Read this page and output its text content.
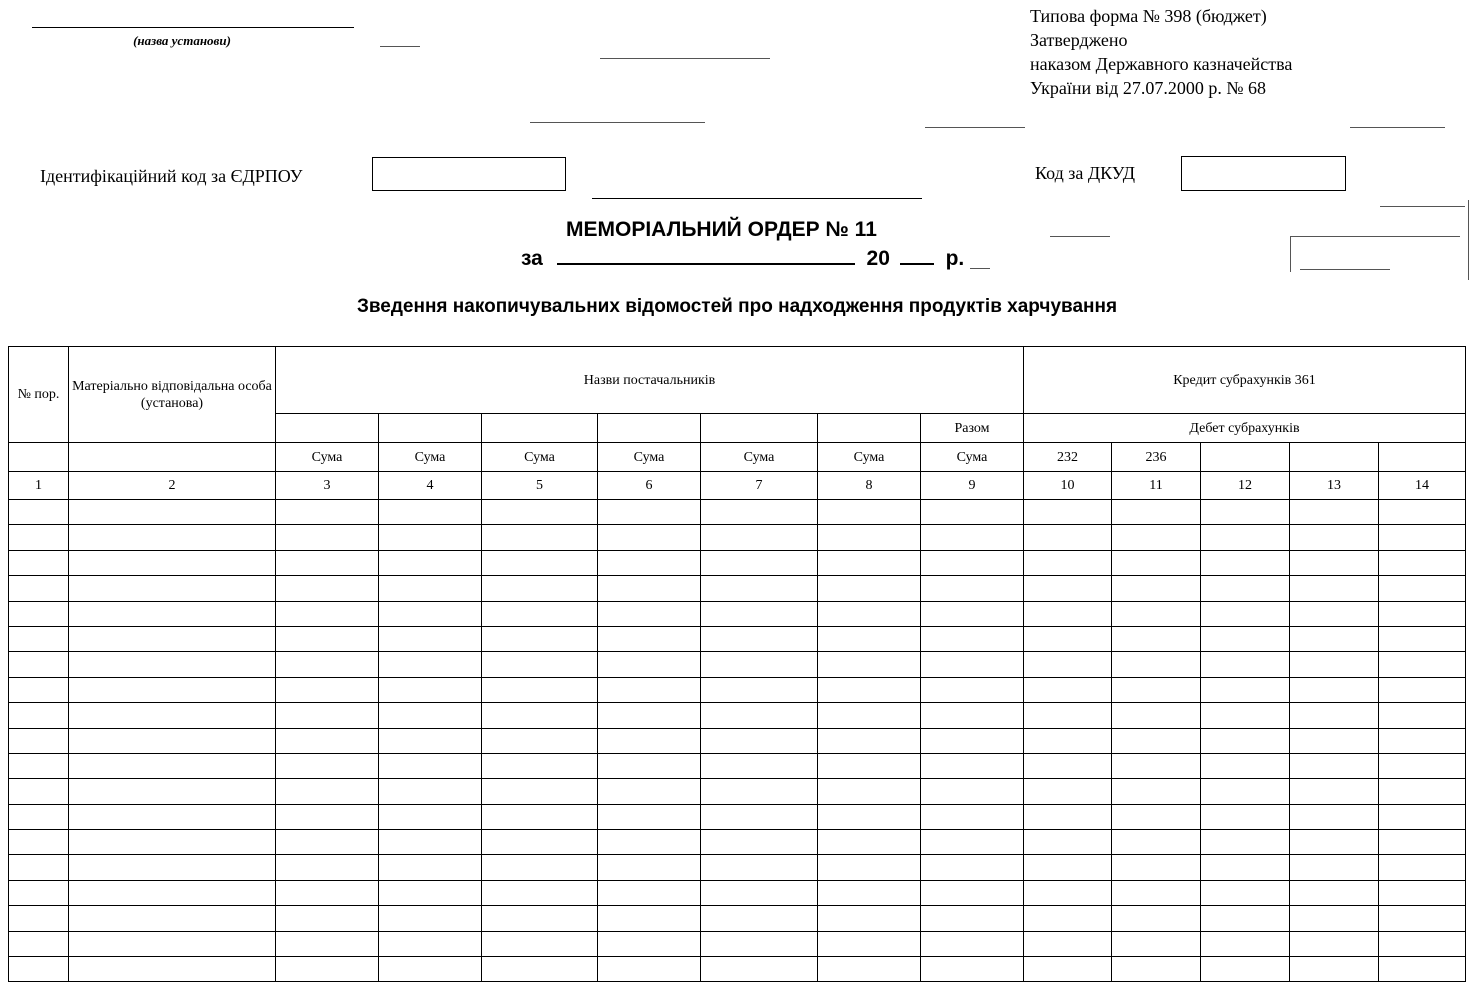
(назва установи)
Типова форма № 398 (бюджет)
Затверджено
наказом Державного казначейства
України від 27.07.2000 р. № 68
Ідентифікаційний код за ЄДРПОУ	Код за ДКУД
МЕМОРІАЛЬНИЙ ОРДЕР № 11
за	20	р.
Зведення накопичувальних відомостей про надходження продуктів харчування
№ пор.	Матеріально відповідальна особа (установа)	Назви постачальників							Кредит субрахунків 361				
								Разом	Дебет субрахунків				
		Сума	Сума	Сума	Сума	Сума	Сума	Сума	232	236			
1	2	3	4	5	6	7	8	9	10	11	12	13	14
